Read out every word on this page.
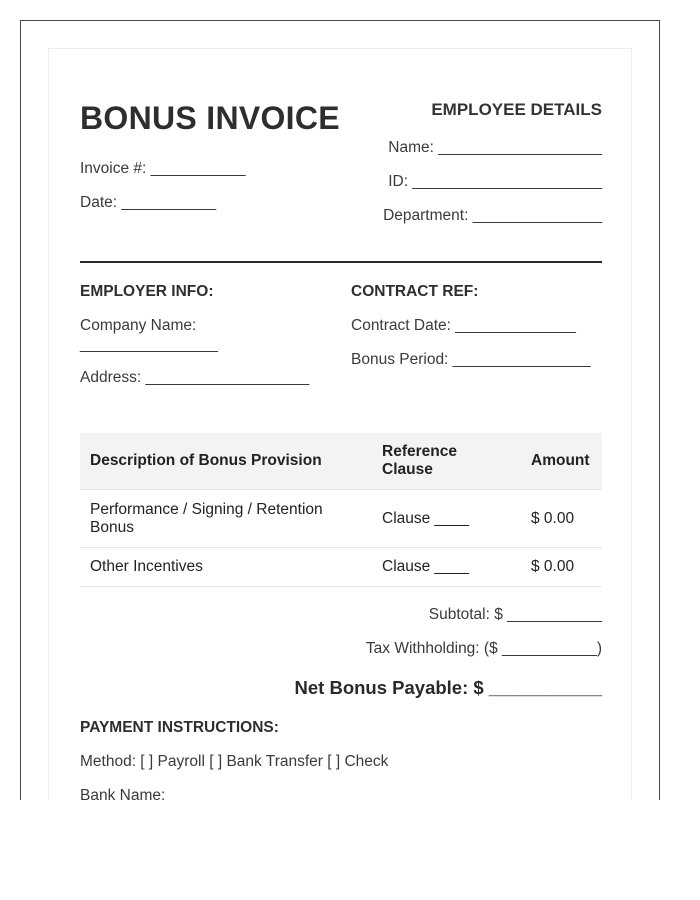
BONUS INVOICE
Invoice #: ___________
Date: ___________
EMPLOYEE DETAILS
Name: ___________________
ID: ______________________
Department: _______________
EMPLOYER INFO:
Company Name:
________________
Address: ___________________
CONTRACT REF:
Contract Date: ______________
Bonus Period: ________________
Description of Bonus Provision	Reference Clause	Amount
Performance / Signing / Retention Bonus	Clause ____	$ 0.00
Other Incentives	Clause ____	$ 0.00
Subtotal: $ ___________
Tax Withholding: ($ ___________)
Net Bonus Payable: $ ___________
PAYMENT INSTRUCTIONS:
Method: [ ] Payroll [ ] Bank Transfer [ ] Check
Bank Name:
